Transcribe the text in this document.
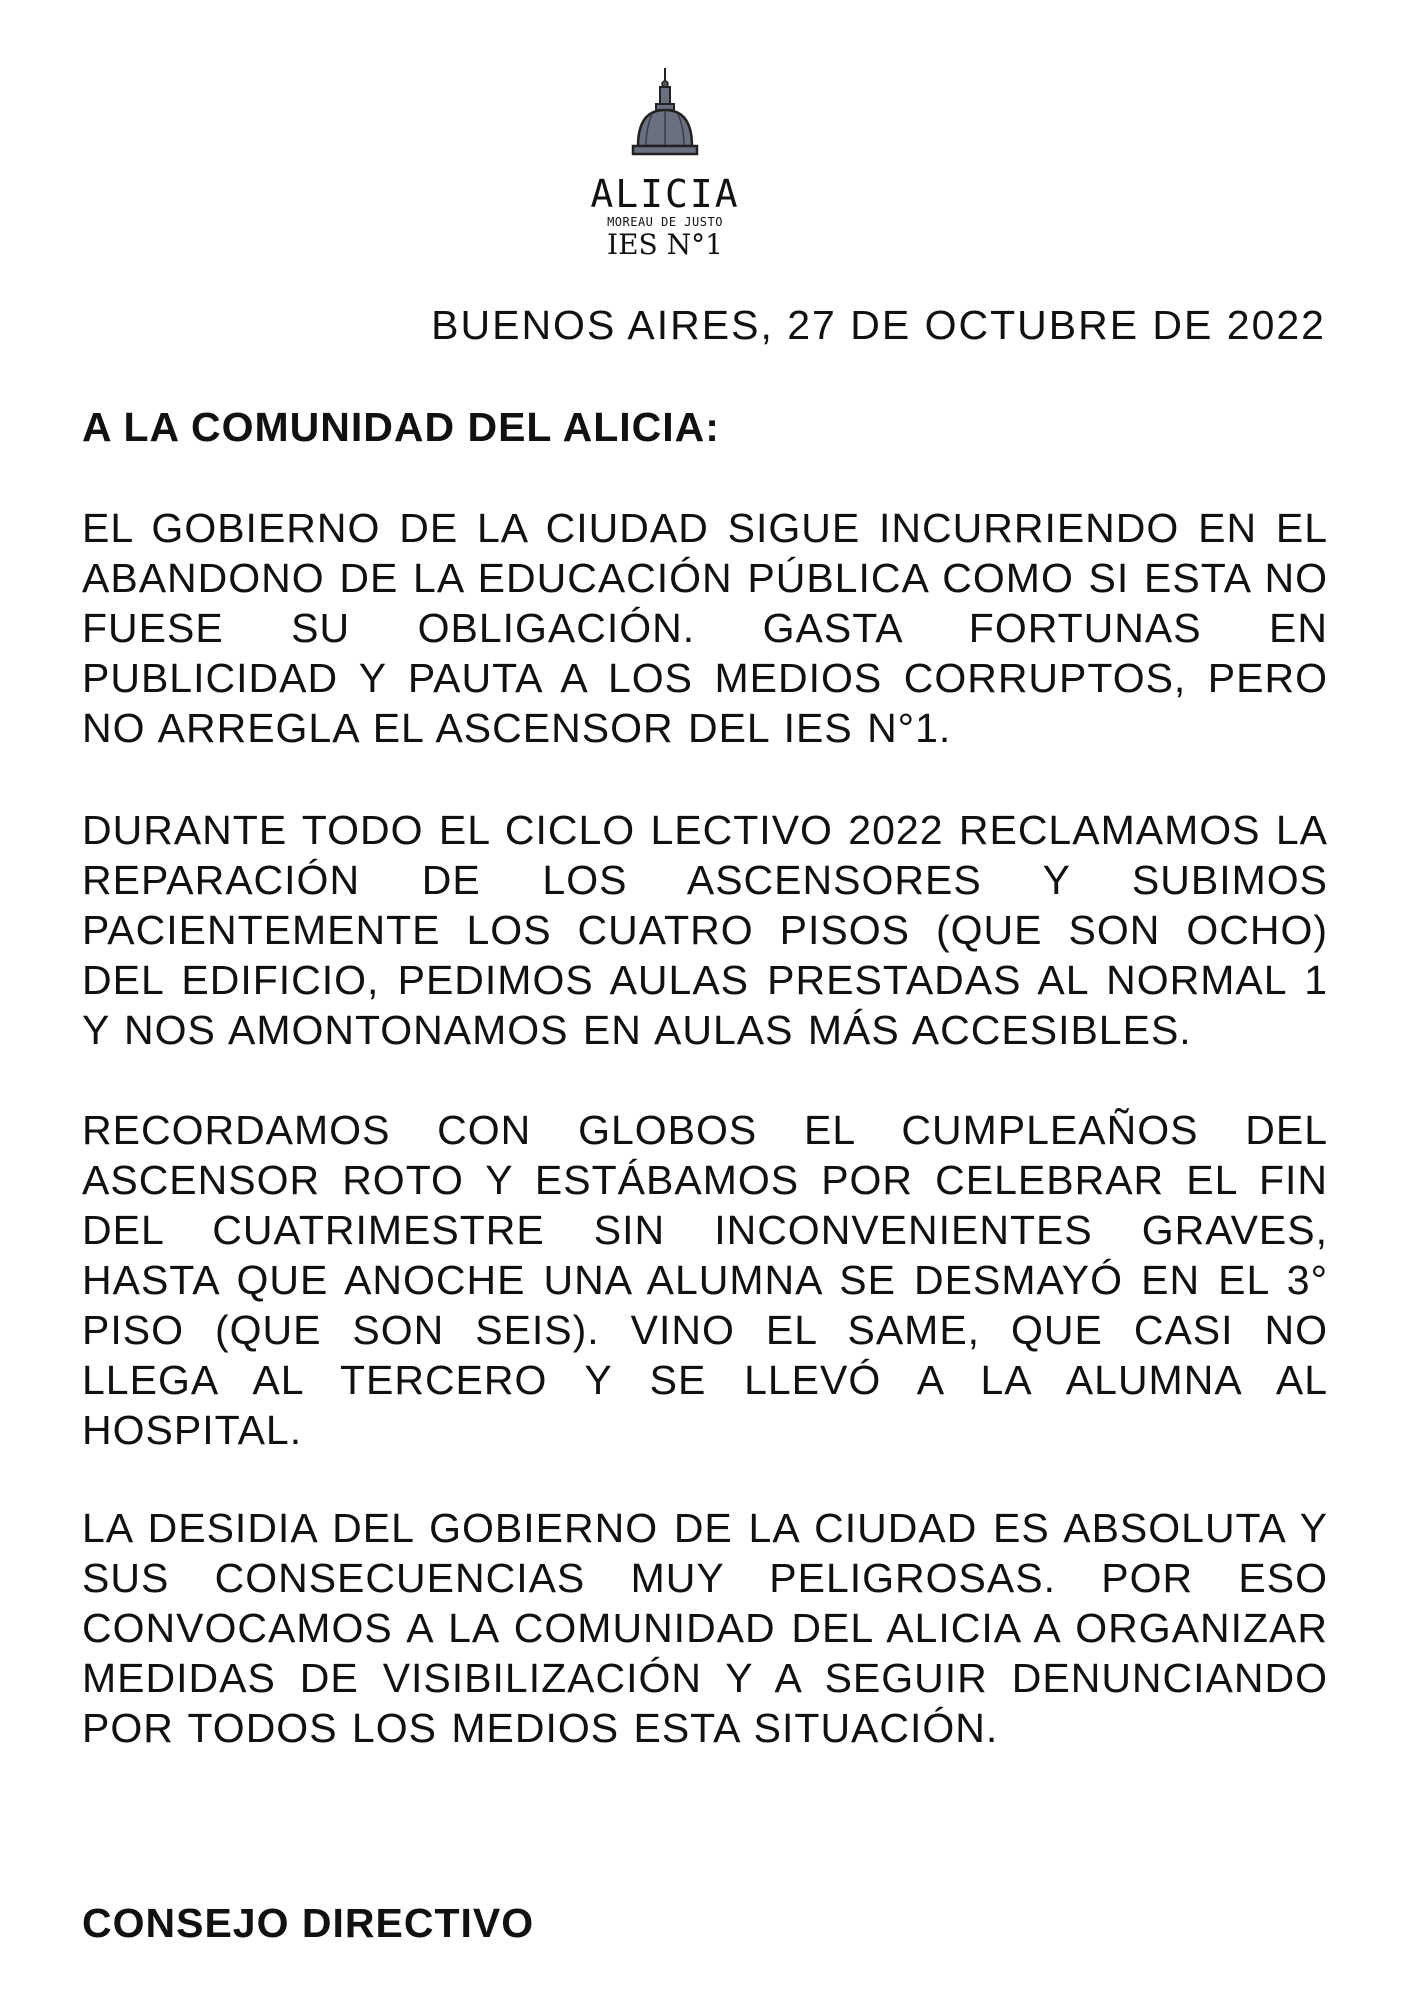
ALICIA
MOREAU DE JUSTO
IES N°1
BUENOS AIRES, 27 DE OCTUBRE DE 2022
A LA COMUNIDAD DEL ALICIA:

EL GOBIERNO DE LA CIUDAD SIGUE INCURRIENDO EN EL ABANDONO DE LA EDUCACIÓN PÚBLICA COMO SI ESTA NO FUESE SU OBLIGACIÓN. GASTA FORTUNAS EN PUBLICIDAD Y PAUTA A LOS MEDIOS CORRUPTOS, PERO NO ARREGLA EL ASCENSOR DEL IES N°1.

DURANTE TODO EL CICLO LECTIVO 2022 RECLAMAMOS LA REPARACIÓN DE LOS ASCENSORES Y SUBIMOS PACIENTEMENTE LOS CUATRO PISOS (QUE SON OCHO) DEL EDIFICIO, PEDIMOS AULAS PRESTADAS AL NORMAL 1 Y NOS AMONTONAMOS EN AULAS MÁS ACCESIBLES.

RECORDAMOS CON GLOBOS EL CUMPLEAÑOS DEL ASCENSOR ROTO Y ESTÁBAMOS POR CELEBRAR EL FIN DEL CUATRIMESTRE SIN INCONVENIENTES GRAVES, HASTA QUE ANOCHE UNA ALUMNA SE DESMAYÓ EN EL 3° PISO (QUE SON SEIS). VINO EL SAME, QUE CASI NO LLEGA AL TERCERO Y SE LLEVÓ A LA ALUMNA AL HOSPITAL.

LA DESIDIA DEL GOBIERNO DE LA CIUDAD ES ABSOLUTA Y SUS CONSECUENCIAS MUY PELIGROSAS. POR ESO CONVOCAMOS A LA COMUNIDAD DEL ALICIA A ORGANIZAR MEDIDAS DE VISIBILIZACIÓN Y A SEGUIR DENUNCIANDO POR TODOS LOS MEDIOS ESTA SITUACIÓN.

CONSEJO DIRECTIVO
